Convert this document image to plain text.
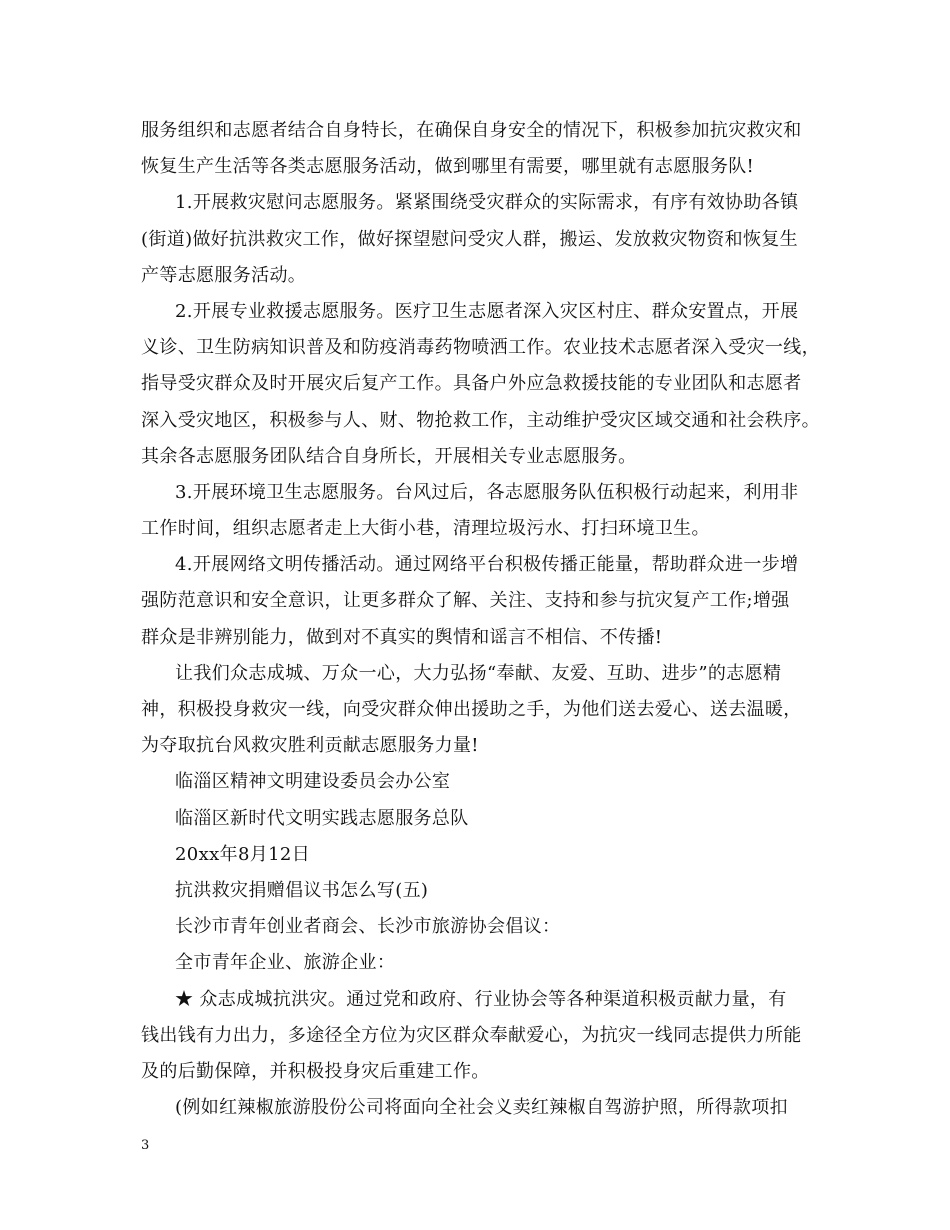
服务组织和志愿者结合自身特长，在确保自身安全的情况下，积极参加抗灾救灾和
恢复生产生活等各类志愿服务活动，做到哪里有需要，哪里就有志愿服务队!
1.开展救灾慰问志愿服务。紧紧围绕受灾群众的实际需求，有序有效协助各镇
(街道)做好抗洪救灾工作，做好探望慰问受灾人群，搬运、发放救灾物资和恢复生
产等志愿服务活动。
2.开展专业救援志愿服务。医疗卫生志愿者深入灾区村庄、群众安置点，开展
义诊、卫生防病知识普及和防疫消毒药物喷洒工作。农业技术志愿者深入受灾一线，
指导受灾群众及时开展灾后复产工作。具备户外应急救援技能的专业团队和志愿者
深入受灾地区，积极参与人、财、物抢救工作，主动维护受灾区域交通和社会秩序。
其余各志愿服务团队结合自身所长，开展相关专业志愿服务。
3.开展环境卫生志愿服务。台风过后，各志愿服务队伍积极行动起来，利用非
工作时间，组织志愿者走上大街小巷，清理垃圾污水、打扫环境卫生。
4.开展网络文明传播活动。通过网络平台积极传播正能量，帮助群众进一步增
强防范意识和安全意识，让更多群众了解、关注、支持和参与抗灾复产工作;增强
群众是非辨别能力，做到对不真实的舆情和谣言不相信、不传播!
让我们众志成城、万众一心，大力弘扬“奉献、友爱、互助、进步”的志愿精
神，积极投身救灾一线，向受灾群众伸出援助之手，为他们送去爱心、送去温暖，
为夺取抗台风救灾胜利贡献志愿服务力量!
临淄区精神文明建设委员会办公室
临淄区新时代文明实践志愿服务总队
20xx年8月12日
抗洪救灾捐赠倡议书怎么写(五)
长沙市青年创业者商会、长沙市旅游协会倡议：
全市青年企业、旅游企业：
★ 众志成城抗洪灾。通过党和政府、行业协会等各种渠道积极贡献力量，有
钱出钱有力出力，多途径全方位为灾区群众奉献爱心，为抗灾一线同志提供力所能
及的后勤保障，并积极投身灾后重建工作。
(例如红辣椒旅游股份公司将面向全社会义卖红辣椒自驾游护照，所得款项扣
3
